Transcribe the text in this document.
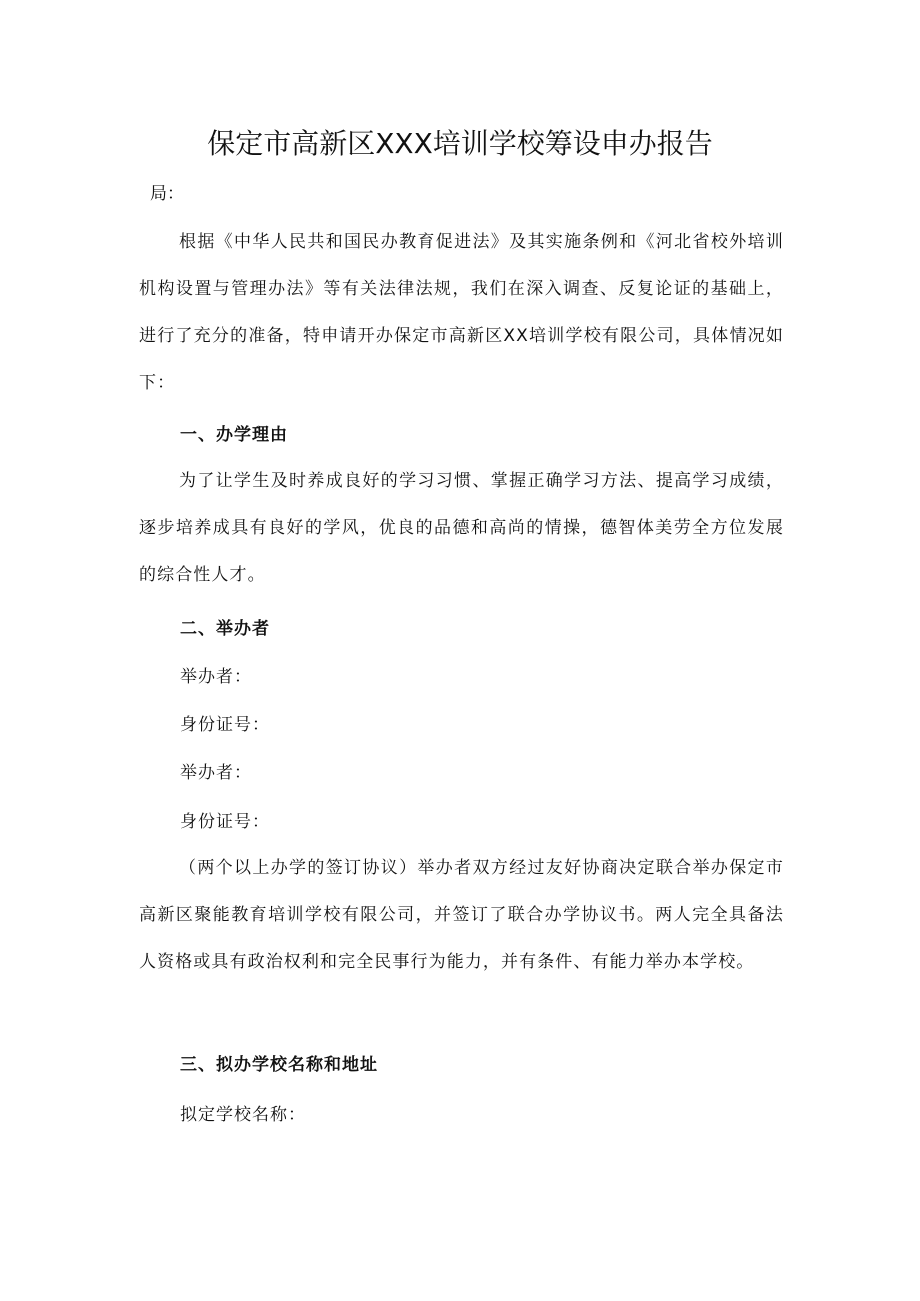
保定市高新区XXX培训学校筹设申办报告
局：

根据《中华人民共和国民办教育促进法》及其实施条例和《河北省校外培训机构设置与管理办法》等有关法律法规，我们在深入调查、反复论证的基础上，进行了充分的准备，特申请开办保定市高新区XX培训学校有限公司，具体情况如下：

一、办学理由

为了让学生及时养成良好的学习习惯、掌握正确学习方法、提高学习成绩，逐步培养成具有良好的学风，优良的品德和高尚的情操，德智体美劳全方位发展的综合性人才。

二、举办者
举办者：
身份证号：
举办者：
身份证号：

（两个以上办学的签订协议）举办者双方经过友好协商决定联合举办保定市高新区聚能教育培训学校有限公司，并签订了联合办学协议书。两人完全具备法人资格或具有政治权利和完全民事行为能力，并有条件、有能力举办本学校。

三、拟办学校名称和地址
拟定学校名称：
